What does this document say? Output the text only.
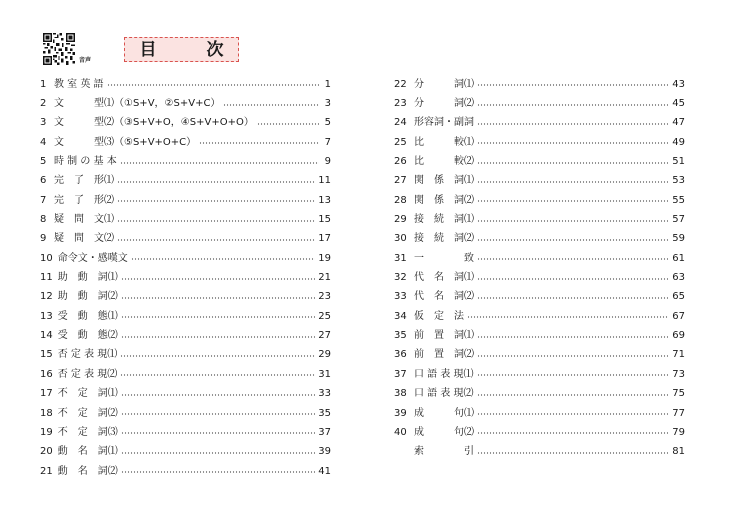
音声
目 次
1 教 室 英 語	1
2 文　　　型⑴（①S+V，②S+V+C）	3
3 文　　　型⑵（③S+V+O，④S+V+O+O）	5
4 文　　　型⑶（⑤S+V+O+C）	7
5 時 制 の 基 本	9
6 完　了　形⑴	11
7 完　了　形⑵	13
8 疑　問　文⑴	15
9 疑　問　文⑵	17
10 命令文・感嘆文	19
11 助　動　詞⑴	21
12 助　動　詞⑵	23
13 受　動　態⑴	25
14 受　動　態⑵	27
15 否 定 表 現⑴	29
16 否 定 表 現⑵	31
17 不　定　詞⑴	33
18 不　定　詞⑵	35
19 不　定　詞⑶	37
20 動　名　詞⑴	39
21 動　名　詞⑵	41
22 分　　　詞⑴	43
23 分　　　詞⑵	45
24 形容詞・副詞	47
25 比　　　較⑴	49
26 比　　　較⑵	51
27 関　係　詞⑴	53
28 関　係　詞⑵	55
29 接　続　詞⑴	57
30 接　続　詞⑵	59
31 一　　　　致	61
32 代　名　詞⑴	63
33 代　名　詞⑵	65
34 仮　定　法	67
35 前　置　詞⑴	69
36 前　置　詞⑵	71
37 口 語 表 現⑴	73
38 口 語 表 現⑵	75
39 成　　　句⑴	77
40 成　　　句⑵	79
索　　　　引	81
